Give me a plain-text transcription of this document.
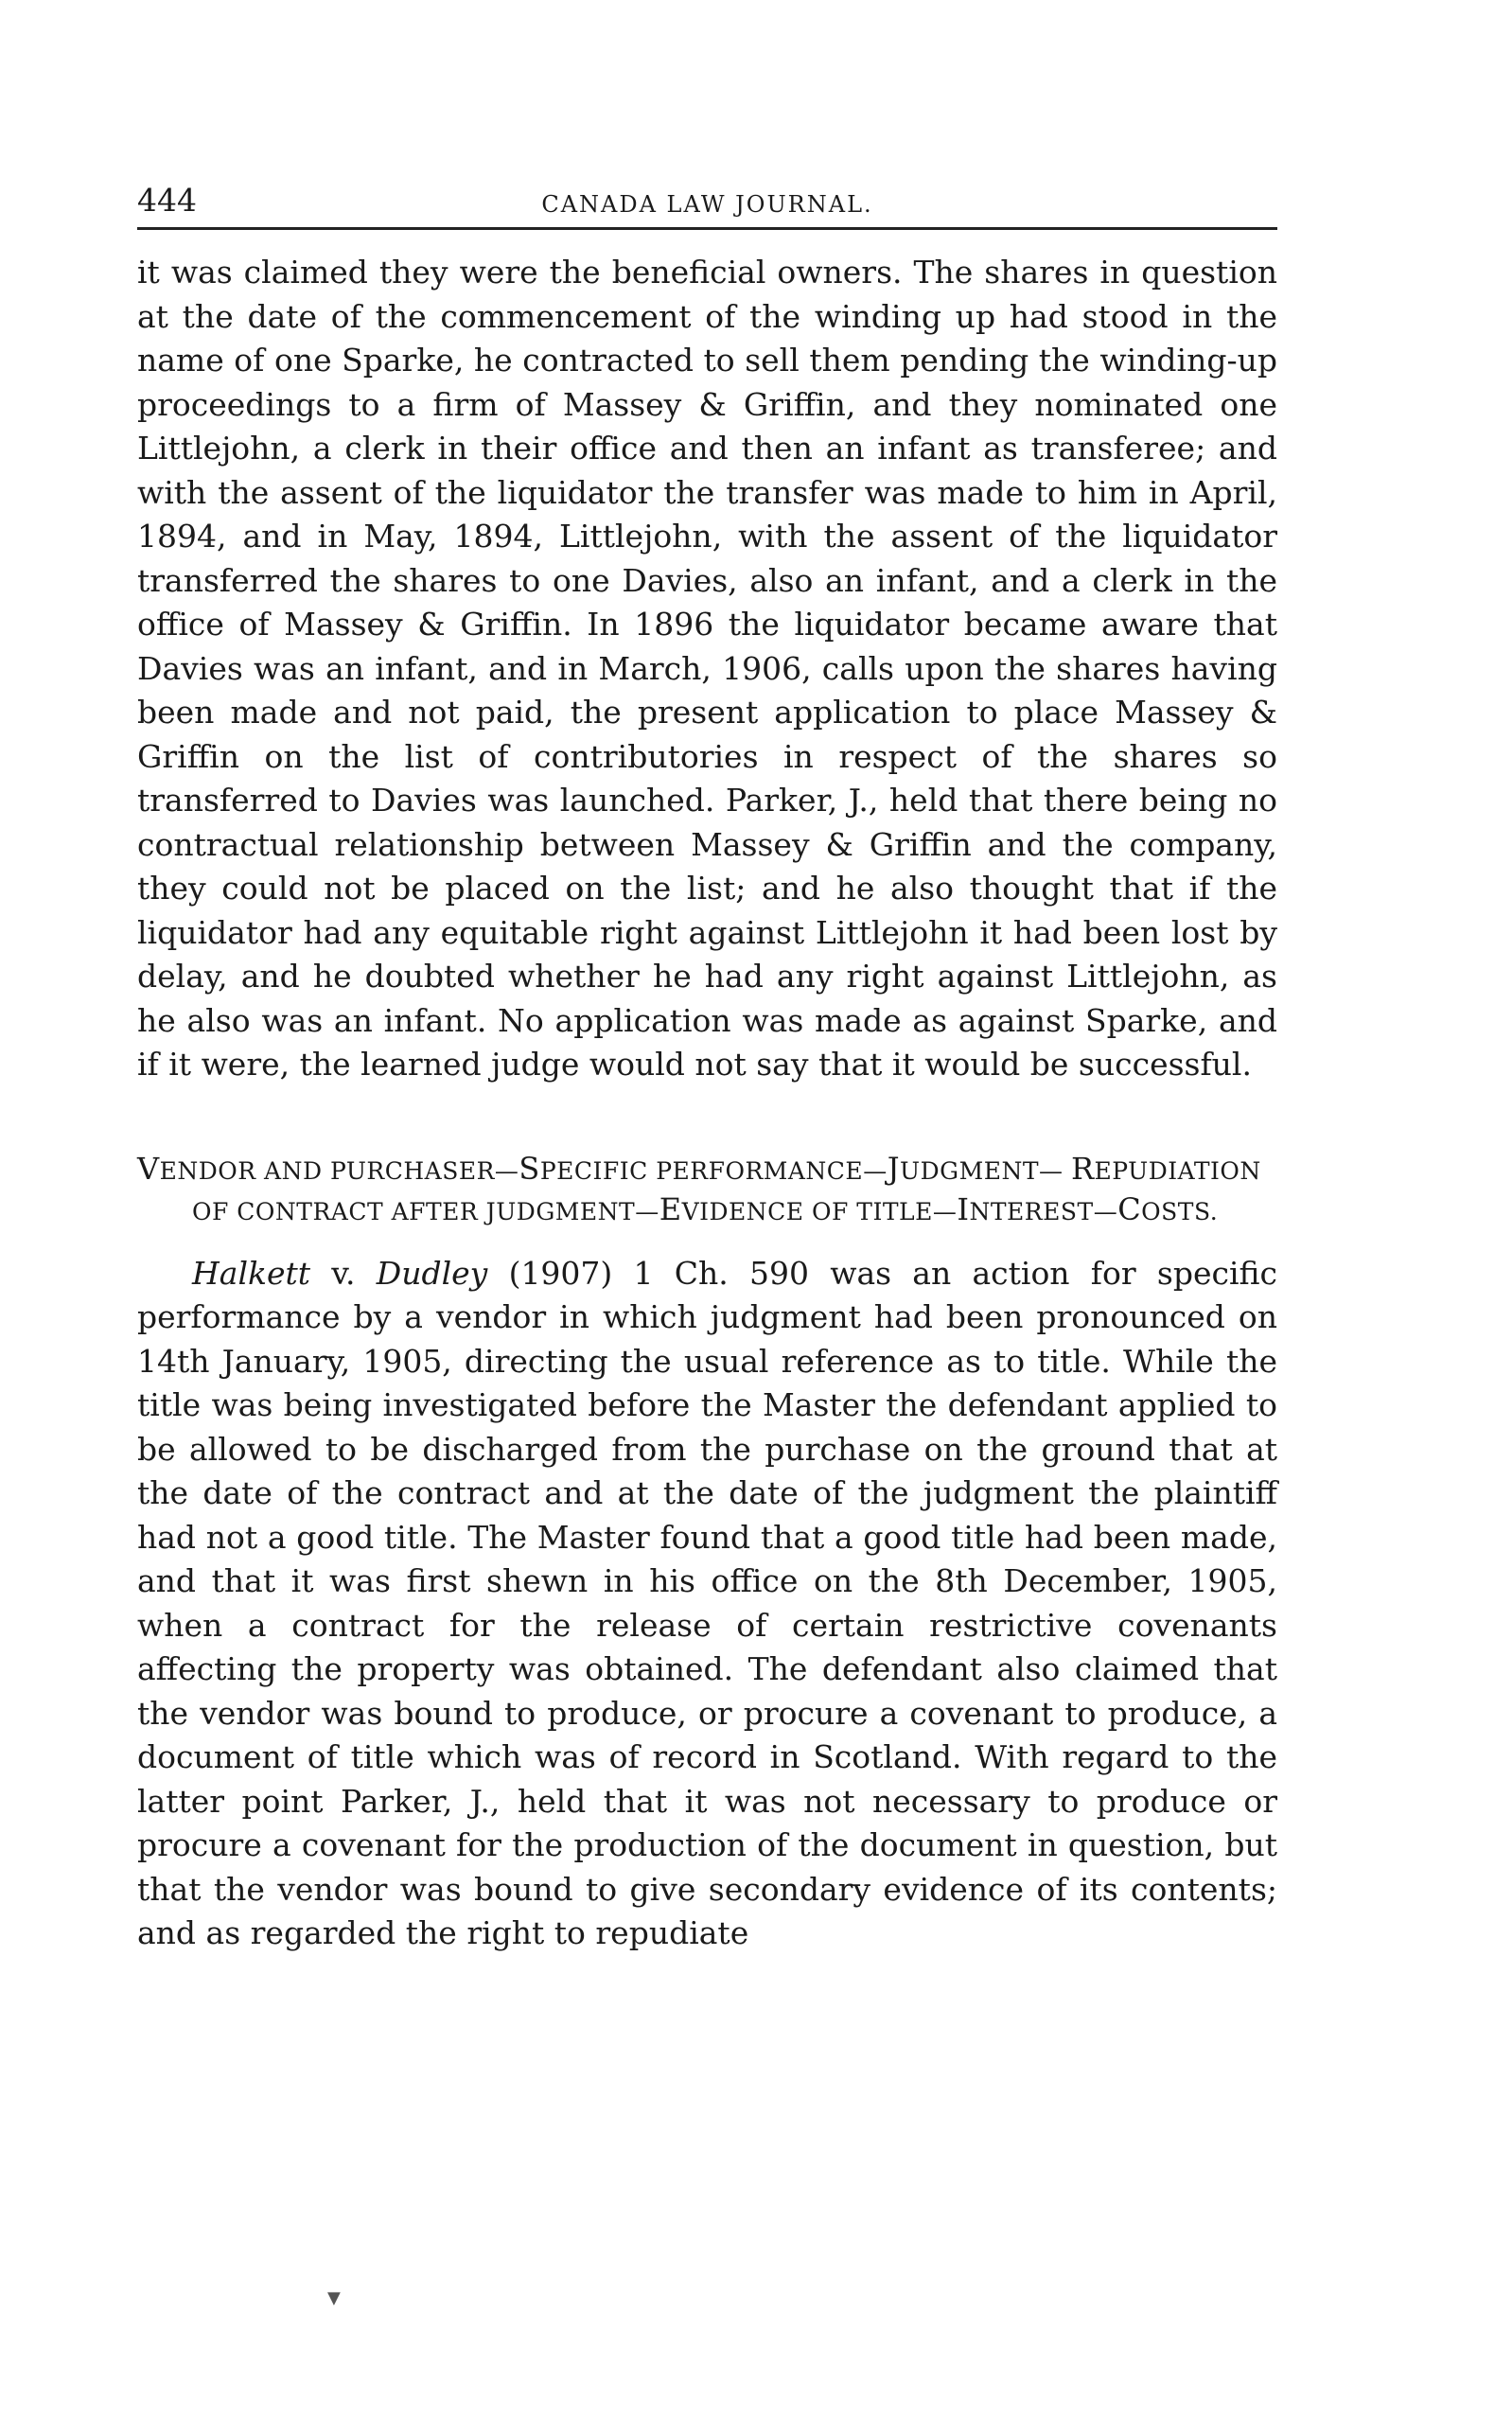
444	CANADA LAW JOURNAL.

it was claimed they were the beneficial owners. The shares in question at the date of the commencement of the winding up had stood in the name of one Sparke, he contracted to sell them pending the winding-up proceedings to a firm of Massey & Griffin, and they nominated one Littlejohn, a clerk in their office and then an infant as transferee; and with the assent of the liquidator the transfer was made to him in April, 1894, and in May, 1894, Littlejohn, with the assent of the liquidator transferred the shares to one Davies, also an infant, and a clerk in the office of Massey & Griffin. In 1896 the liquidator became aware that Davies was an infant, and in March, 1906, calls upon the shares having been made and not paid, the present application to place Massey & Griffin on the list of contributories in respect of the shares so transferred to Davies was launched. Parker, J., held that there being no contractual relationship between Massey & Griffin and the company, they could not be placed on the list; and he also thought that if the liquidator had any equitable right against Littlejohn it had been lost by delay, and he doubted whether he had any right against Littlejohn, as he also was an infant. No application was made as against Sparke, and if it were, the learned judge would not say that it would be successful.

VENDOR AND PURCHASER—SPECIFIC PERFORMANCE—JUDGMENT— REPUDIATION OF CONTRACT AFTER JUDGMENT—EVIDENCE OF TITLE—INTEREST—COSTS.

Halkett v. Dudley (1907) 1 Ch. 590 was an action for specific performance by a vendor in which judgment had been pronounced on 14th January, 1905, directing the usual reference as to title. While the title was being investigated before the Master the defendant applied to be allowed to be discharged from the purchase on the ground that at the date of the contract and at the date of the judgment the plaintiff had not a good title. The Master found that a good title had been made, and that it was first shewn in his office on the 8th December, 1905, when a contract for the release of certain restrictive covenants affecting the property was obtained. The defendant also claimed that the vendor was bound to produce, or procure a covenant to produce, a document of title which was of record in Scotland. With regard to the latter point Parker, J., held that it was not necessary to produce or procure a covenant for the production of the document in question, but that the vendor was bound to give secondary evidence of its contents; and as regarded the right to repudiate

▼
